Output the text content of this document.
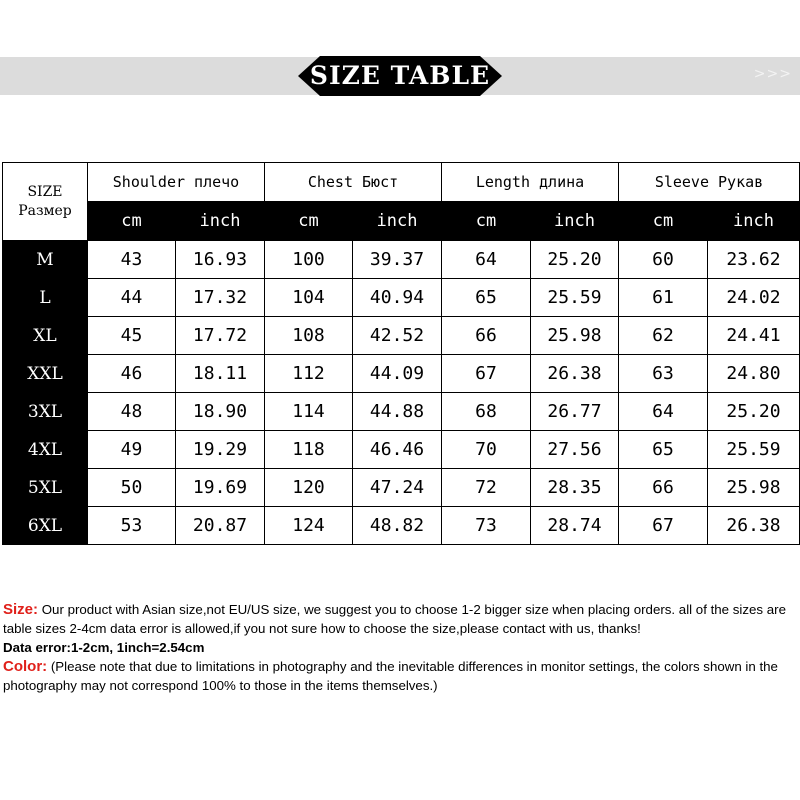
SIZE TABLE	>>>
SIZE
Размер	Shoulder плечо		Chest Бюст		Length длина		Sleeve Рукав	
	cm	inch	cm	inch	cm	inch	cm	inch
M	43	16.93	100	39.37	64	25.20	60	23.62
L	44	17.32	104	40.94	65	25.59	61	24.02
XL	45	17.72	108	42.52	66	25.98	62	24.41
XXL	46	18.11	112	44.09	67	26.38	63	24.80
3XL	48	18.90	114	44.88	68	26.77	64	25.20
4XL	49	19.29	118	46.46	70	27.56	65	25.59
5XL	50	19.69	120	47.24	72	28.35	66	25.98
6XL	53	20.87	124	48.82	73	28.74	67	26.38

Size: Our product with Asian size,not EU/US size, we suggest you to choose 1-2 bigger size when placing orders. all of the sizes are table sizes 2-4cm data error is allowed,if you not sure how to choose the size,please contact with us, thanks!

Data error:1-2cm, 1inch=2.54cm

Color: (Please note that due to limitations in photography and the inevitable differences in monitor settings, the colors shown in the photography may not correspond 100% to those in the items themselves.)
